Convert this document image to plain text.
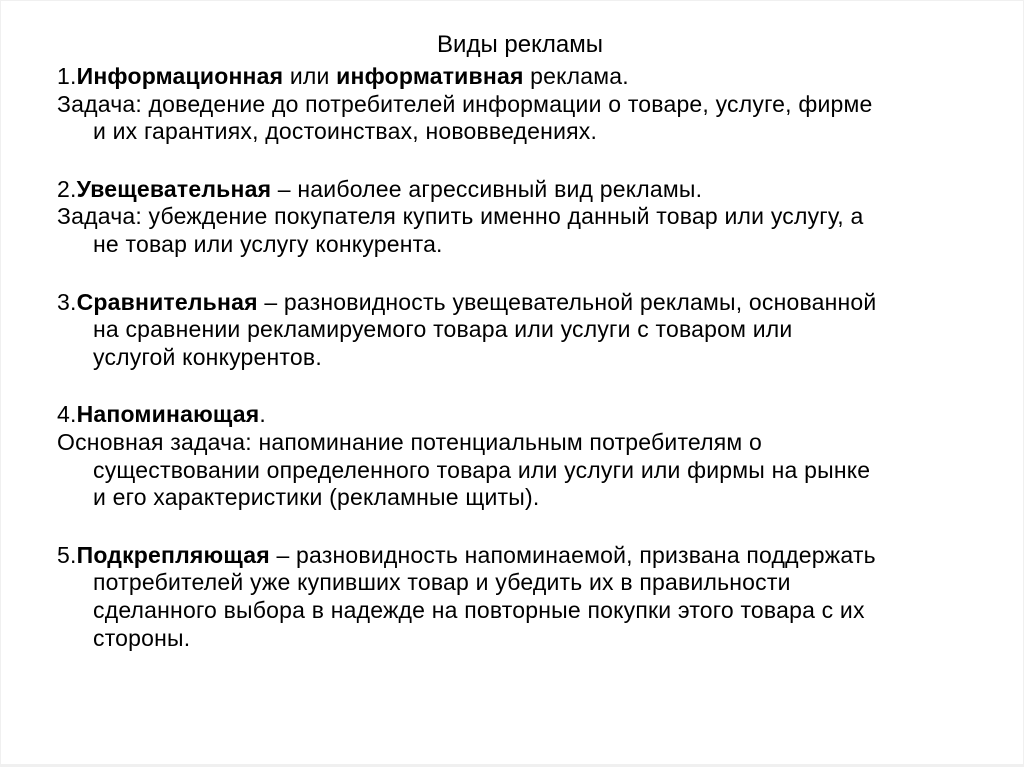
Виды рекламы
1.Информационная или информативная реклама.
Задача: доведение до потребителей информации о товаре, услуге, фирме
и их гарантиях, достоинствах, нововведениях.
2.Увещевательная – наиболее агрессивный вид рекламы.
Задача: убеждение покупателя купить именно данный товар или услугу, а
не товар или услугу конкурента.
3.Сравнительная – разновидность увещевательной рекламы, основанной
на сравнении рекламируемого товара или услуги с товаром или
услугой конкурентов.
4.Напоминающая.
Основная задача: напоминание потенциальным потребителям о
существовании определенного товара или услуги или фирмы на рынке
и его характеристики (рекламные щиты).
5.Подкрепляющая – разновидность напоминаемой, призвана поддержать
потребителей уже купивших товар и убедить их в правильности
сделанного выбора в надежде на повторные покупки этого товара с их
стороны.
